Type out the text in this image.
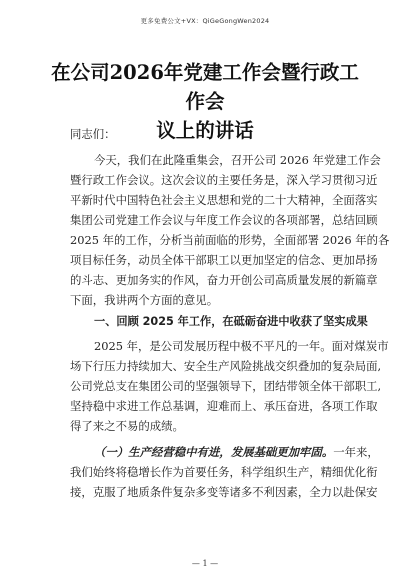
更多免费公文+VX：QiGeGongWen2024
在公司2026年党建工作会暨行政工作会
议上的讲话
同志们：
今天，我们在此隆重集会，召开公司 2026 年党建工作会
暨行政工作会议。这次会议的主要任务是，深入学习贯彻习近
平新时代中国特色社会主义思想和党的二十大精神，全面落实
集团公司党建工作会议与年度工作会议的各项部署，总结回顾
2025 年的工作，分析当前面临的形势，全面部署 2026 年的各
项目标任务，动员全体干部职工以更加坚定的信念、更加昂扬
的斗志、更加务实的作风，奋力开创公司高质量发展的新篇章
下面，我讲两个方面的意见。
一、回顾 2025 年工作，在砥砺奋进中收获了坚实成果
2025 年，是公司发展历程中极不平凡的一年。面对煤炭市
场下行压力持续加大、安全生产风险挑战交织叠加的复杂局面,
公司党总支在集团公司的坚强领导下，团结带领全体干部职工,
坚持稳中求进工作总基调，迎难而上、承压奋进，各项工作取
得了来之不易的成绩。
（一）生产经营稳中有进，发展基础更加牢固。一年来，
我们始终将稳增长作为首要任务，科学组织生产，精细优化衔
接，克服了地质条件复杂多变等诸多不利因素，全力以赴保安
— 1 —
